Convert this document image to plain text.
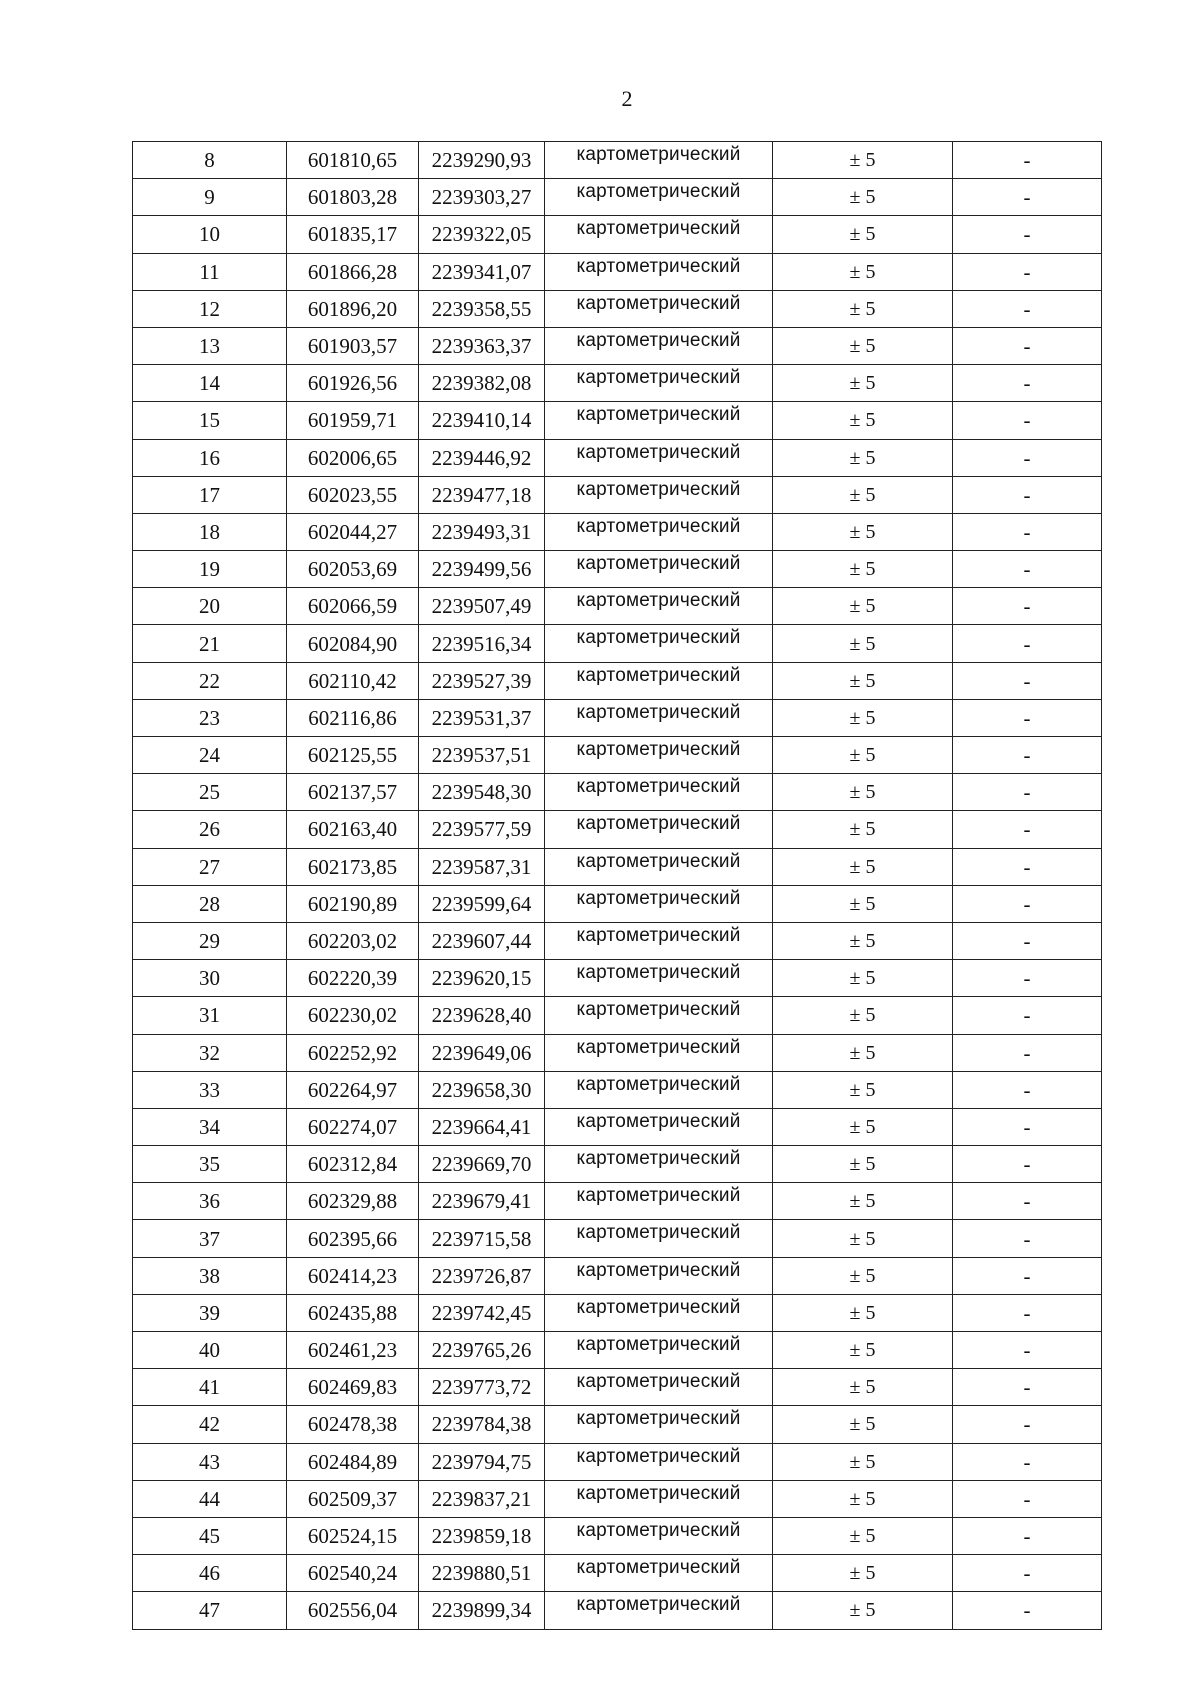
2
8	601810,65	2239290,93	картометрический	± 5	-
9	601803,28	2239303,27	картометрический	± 5	-
10	601835,17	2239322,05	картометрический	± 5	-
11	601866,28	2239341,07	картометрический	± 5	-
12	601896,20	2239358,55	картометрический	± 5	-
13	601903,57	2239363,37	картометрический	± 5	-
14	601926,56	2239382,08	картометрический	± 5	-
15	601959,71	2239410,14	картометрический	± 5	-
16	602006,65	2239446,92	картометрический	± 5	-
17	602023,55	2239477,18	картометрический	± 5	-
18	602044,27	2239493,31	картометрический	± 5	-
19	602053,69	2239499,56	картометрический	± 5	-
20	602066,59	2239507,49	картометрический	± 5	-
21	602084,90	2239516,34	картометрический	± 5	-
22	602110,42	2239527,39	картометрический	± 5	-
23	602116,86	2239531,37	картометрический	± 5	-
24	602125,55	2239537,51	картометрический	± 5	-
25	602137,57	2239548,30	картометрический	± 5	-
26	602163,40	2239577,59	картометрический	± 5	-
27	602173,85	2239587,31	картометрический	± 5	-
28	602190,89	2239599,64	картометрический	± 5	-
29	602203,02	2239607,44	картометрический	± 5	-
30	602220,39	2239620,15	картометрический	± 5	-
31	602230,02	2239628,40	картометрический	± 5	-
32	602252,92	2239649,06	картометрический	± 5	-
33	602264,97	2239658,30	картометрический	± 5	-
34	602274,07	2239664,41	картометрический	± 5	-
35	602312,84	2239669,70	картометрический	± 5	-
36	602329,88	2239679,41	картометрический	± 5	-
37	602395,66	2239715,58	картометрический	± 5	-
38	602414,23	2239726,87	картометрический	± 5	-
39	602435,88	2239742,45	картометрический	± 5	-
40	602461,23	2239765,26	картометрический	± 5	-
41	602469,83	2239773,72	картометрический	± 5	-
42	602478,38	2239784,38	картометрический	± 5	-
43	602484,89	2239794,75	картометрический	± 5	-
44	602509,37	2239837,21	картометрический	± 5	-
45	602524,15	2239859,18	картометрический	± 5	-
46	602540,24	2239880,51	картометрический	± 5	-
47	602556,04	2239899,34	картометрический	± 5	-
